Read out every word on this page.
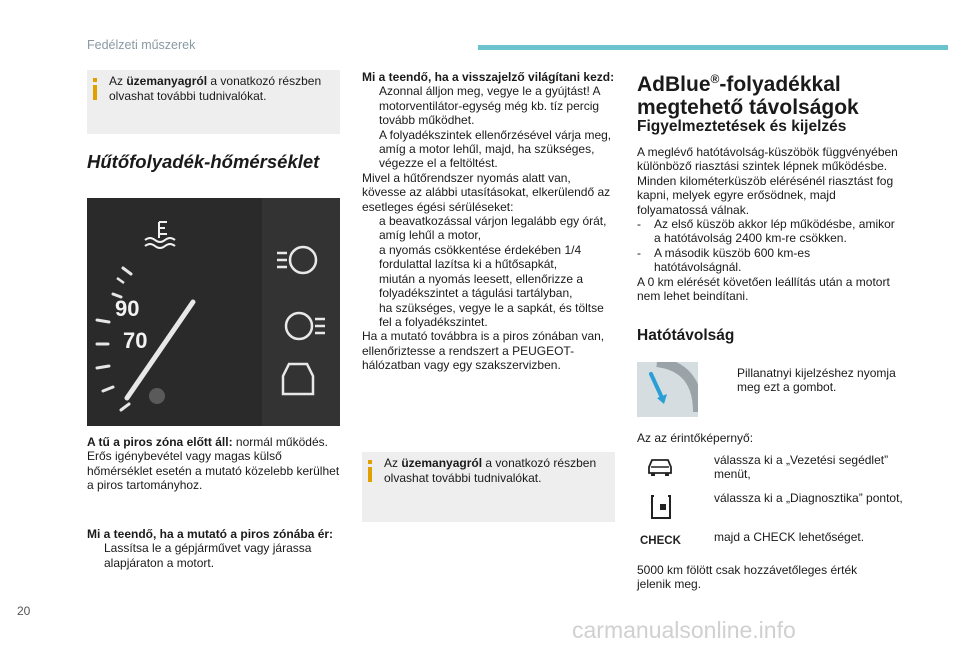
Fedélzeti műszerek
Az üzemanyagról a vonatkozó részben olvashat további tudnivalókat.
Hűtőfolyadék-hőmérséklet
90
70
A tű a piros zóna előtt áll: normál működés. Erős igénybevétel vagy magas külső hőmérséklet esetén a mutató közelebb kerülhet a piros tartományhoz.
Mi a teendő, ha a mutató a piros zónába ér:
Lassítsa le a gépjárművet vagy járassa alapjáraton a motort.
Mi a teendő, ha a visszajelző világítani kezd:
Azonnal álljon meg, vegye le a gyújtást! A motorventilátor-egység még kb. tíz percig tovább működhet.
A folyadékszintek ellenőrzésével várja meg, amíg a motor lehűl, majd, ha szükséges, végezze el a feltöltést.
Mivel a hűtőrendszer nyomás alatt van, kövesse az alábbi utasításokat, elkerülendő az esetleges égési sérüléseket:
a beavatkozással várjon legalább egy órát, amíg lehűl a motor,
a nyomás csökkentése érdekében 1/4 fordulattal lazítsa ki a hűtősapkát,
miután a nyomás leesett, ellenőrizze a folyadékszintet a tágulási tartályban,
ha szükséges, vegye le a sapkát, és töltse fel a folyadékszintet.
Ha a mutató továbbra is a piros zónában van, ellenőriztesse a rendszert a PEUGEOT-hálózatban vagy egy szakszervizben.
Az üzemanyagról a vonatkozó részben olvashat további tudnivalókat.
AdBlue®-folyadékkal
megtehető távolságok
Figyelmeztetések és kijelzés
A meglévő hatótávolság-küszöbök függvényében különböző riasztási szintek lépnek működésbe.
Minden kilométerküszöb elérésénél riasztást fog kapni, melyek egyre erősödnek, majd folyamatossá válnak.
- Az első küszöb akkor lép működésbe, amikor a hatótávolság 2400 km-re csökken.
- A második küszöb 600 km-es hatótávolságnál.
A 0 km elérését követően leállítás után a motort nem lehet beindítani.
Hatótávolság
Pillanatnyi kijelzéshez nyomja meg ezt a gombot.
Az az érintőképernyő:
válassza ki a „Vezetési segédlet” menüt,
válassza ki a „Diagnosztika” pontot,
CHECK	majd a CHECK lehetőséget.
5000 km fölött csak hozzávetőleges érték jelenik meg.
20
carmanualsonline.info
